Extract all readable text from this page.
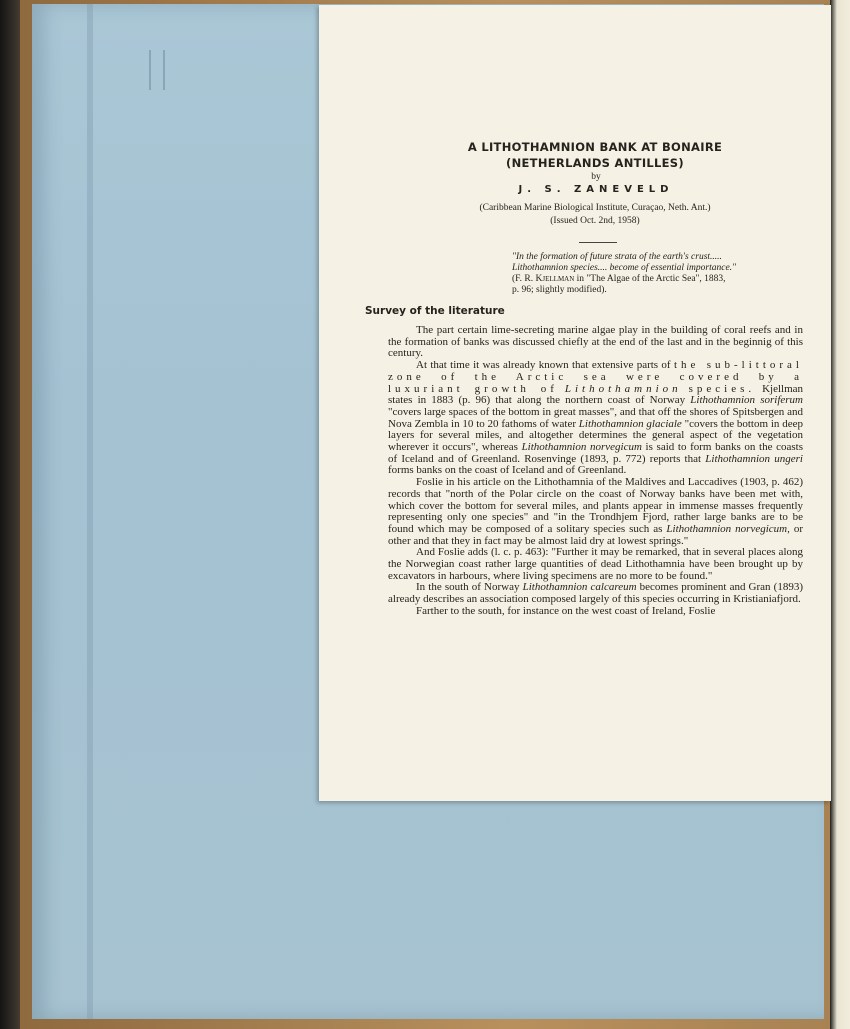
A LITHOTHAMNION BANK AT BONAIRE
(NETHERLANDS ANTILLES)
by
J. S. ZANEVELD
(Caribbean Marine Biological Institute, Curaçao, Neth. Ant.)
(Issued Oct. 2nd, 1958)
"In the formation of future strata of the earth's crust.....
Lithothamnion species.... become of essential importance."
(F. R. Kjellman in "The Algae of the Arctic Sea", 1883,
p. 96; slightly modified).
Survey of the literature

The part certain lime-secreting marine algae play in the building of coral reefs and in the formation of banks was discussed chiefly at the end of the last and in the beginnig of this century.

At that time it was already known that extensive parts of the sub-littoral zone of the Arctic sea were covered by a luxuriant growth of Lithothamnion species. Kjellman states in 1883 (p. 96) that along the northern coast of Norway Lithothamnion soriferum "covers large spaces of the bottom in great masses", and that off the shores of Spitsbergen and Nova Zembla in 10 to 20 fathoms of water Lithothamnion glaciale "covers the bottom in deep layers for several miles, and altogether determines the general aspect of the vegetation wherever it occurs", whereas Lithothamnion norvegicum is said to form banks on the coasts of Iceland and of Greenland. Rosenvinge (1893, p. 772) reports that Lithothamnion ungeri forms banks on the coast of Iceland and of Greenland.

Foslie in his article on the Lithothamnia of the Maldives and Laccadives (1903, p. 462) records that "north of the Polar circle on the coast of Norway banks have been met with, which cover the bottom for several miles, and plants appear in immense masses frequently representing only one species" and "in the Trondhjem Fjord, rather large banks are to be found which may be composed of a solitary species such as Lithothamnion norvegicum, or other and that they in fact may be almost laid dry at lowest springs."

And Foslie adds (l. c. p. 463): "Further it may be remarked, that in several places along the Norwegian coast rather large quantities of dead Lithothamnia have been brought up by excavators in harbours, where living specimens are no more to be found."

In the south of Norway Lithothamnion calcareum becomes prominent and Gran (1893) already describes an association composed largely of this species occurring in Kristianiafjord.

Farther to the south, for instance on the west coast of Ireland, Foslie
